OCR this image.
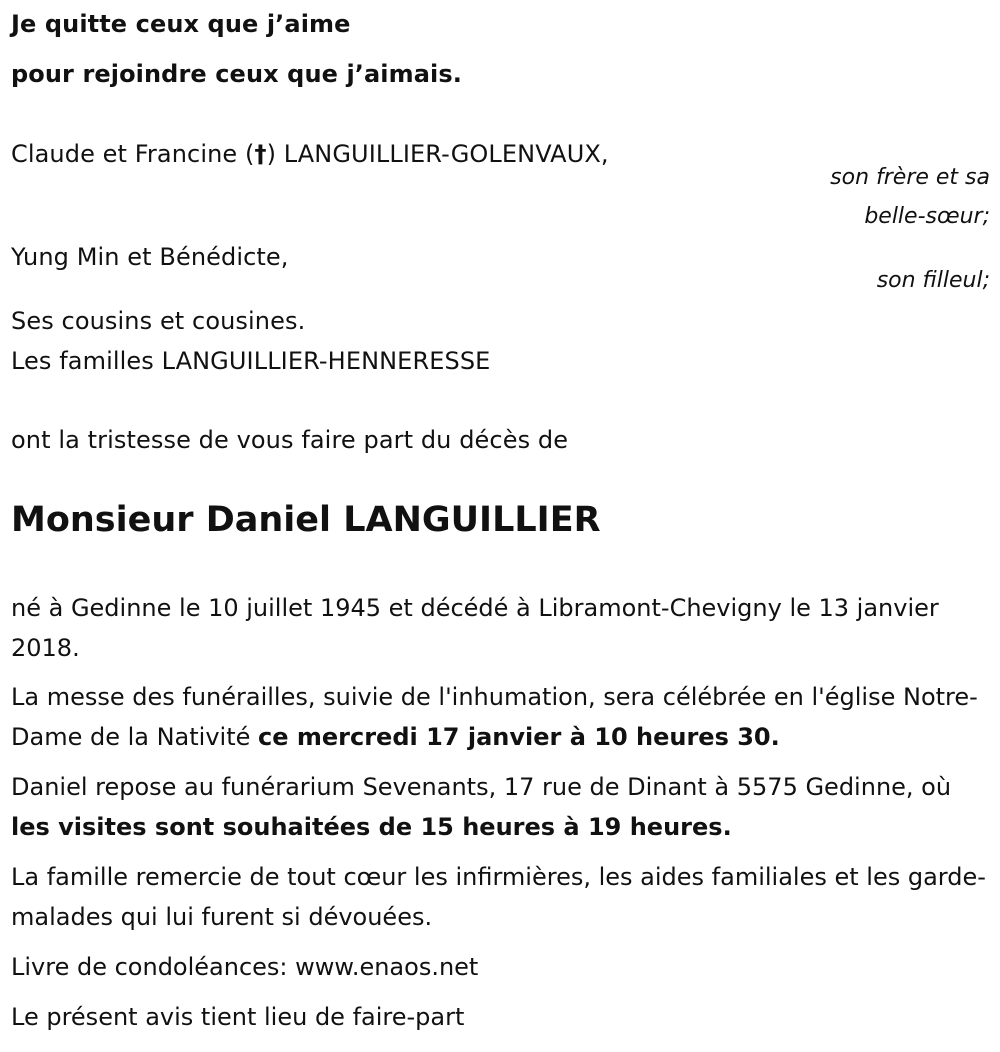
Je quitte ceux que j’aime
pour rejoindre ceux que j’aimais.
Claude et Francine (†) LANGUILLIER-GOLENVAUX,
son frère et sa
belle-sœur;
Yung Min et Bénédicte,
son filleul;
Ses cousins et cousines.
Les familles LANGUILLIER-HENNERESSE
ont la tristesse de vous faire part du décès de
Monsieur Daniel LANGUILLIER
né à Gedinne le 10 juillet 1945 et décédé à Libramont-Chevigny le 13 janvier 2018.
La messe des funérailles, suivie de l'inhumation, sera célébrée en l'église Notre-Dame de la Nativité ce mercredi 17 janvier à 10 heures 30.
Daniel repose au funérarium Sevenants, 17 rue de Dinant à 5575 Gedinne, où les visites sont souhaitées de 15 heures à 19 heures.
La famille remercie de tout cœur les infirmières, les aides familiales et les garde-malades qui lui furent si dévouées.
Livre de condoléances: www.enaos.net
Le présent avis tient lieu de faire-part
